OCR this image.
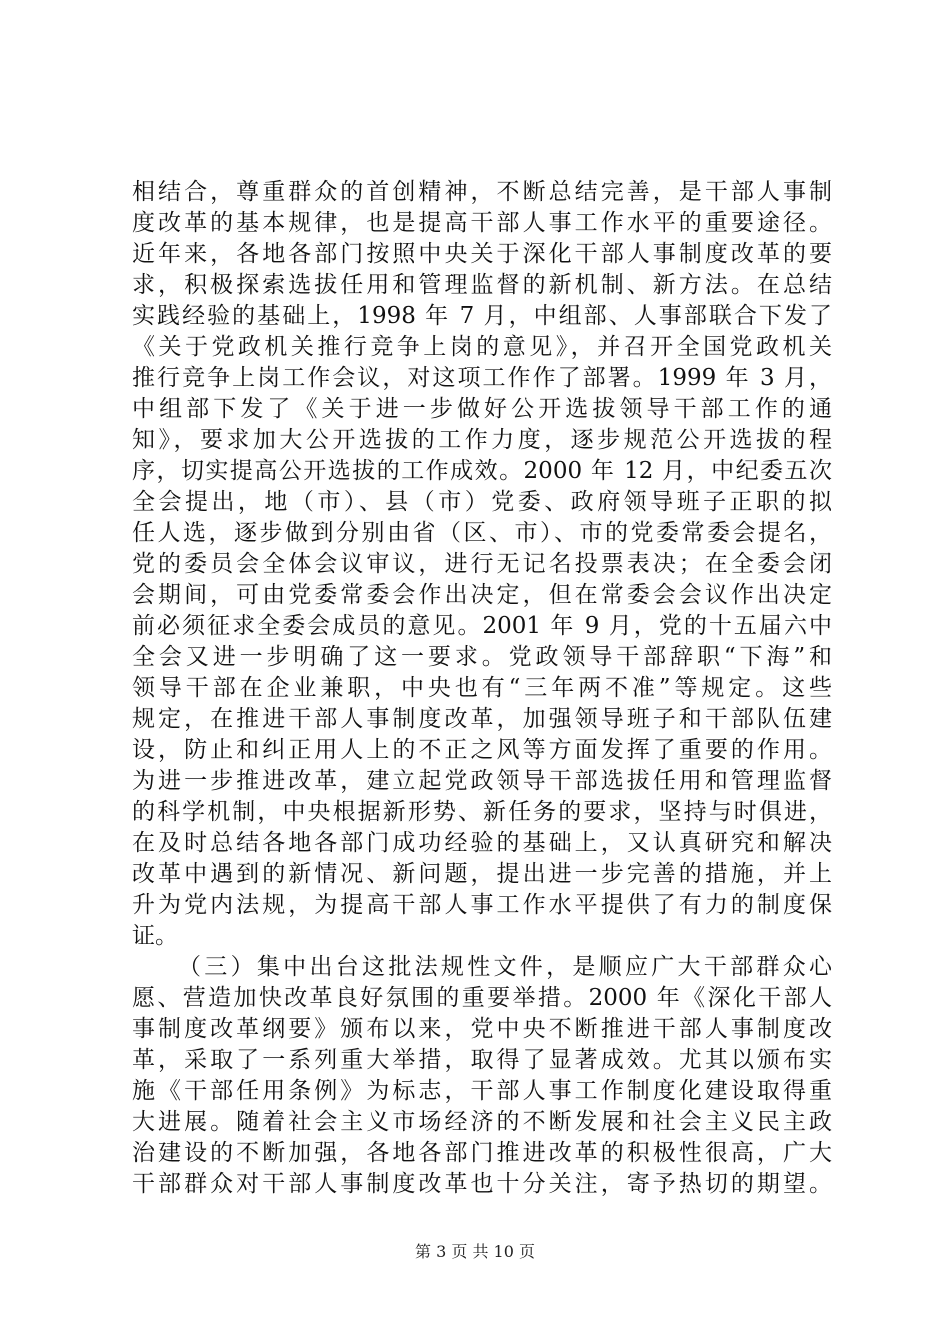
相结合，尊重群众的首创精神，不断总结完善，是干部人事制
度改革的基本规律，也是提高干部人事工作水平的重要途径。
近年来，各地各部门按照中央关于深化干部人事制度改革的要
求，积极探索选拔任用和管理监督的新机制、新方法。在总结
实践经验的基础上，1998 年 7 月，中组部、人事部联合下发了
《关于党政机关推行竞争上岗的意见》，并召开全国党政机关
推行竞争上岗工作会议，对这项工作作了部署。1999 年 3 月，
中组部下发了《关于进一步做好公开选拔领导干部工作的通
知》，要求加大公开选拔的工作力度，逐步规范公开选拔的程
序，切实提高公开选拔的工作成效。2000 年 12 月，中纪委五次
全会提出，地（市）、县（市）党委、政府领导班子正职的拟
任人选，逐步做到分别由省（区、市）、市的党委常委会提名，
党的委员会全体会议审议，进行无记名投票表决；在全委会闭
会期间，可由党委常委会作出决定，但在常委会会议作出决定
前必须征求全委会成员的意见。2001 年 9 月，党的十五届六中
全会又进一步明确了这一要求。党政领导干部辞职“下海”和
领导干部在企业兼职，中央也有“三年两不准”等规定。这些
规定，在推进干部人事制度改革，加强领导班子和干部队伍建
设，防止和纠正用人上的不正之风等方面发挥了重要的作用。
为进一步推进改革，建立起党政领导干部选拔任用和管理监督
的科学机制，中央根据新形势、新任务的要求，坚持与时俱进，
在及时总结各地各部门成功经验的基础上，又认真研究和解决
改革中遇到的新情况、新问题，提出进一步完善的措施，并上
升为党内法规，为提高干部人事工作水平提供了有力的制度保
证。
（三）集中出台这批法规性文件，是顺应广大干部群众心
愿、营造加快改革良好氛围的重要举措。2000 年《深化干部人
事制度改革纲要》颁布以来，党中央不断推进干部人事制度改
革，采取了一系列重大举措，取得了显著成效。尤其以颁布实
施《干部任用条例》为标志，干部人事工作制度化建设取得重
大进展。随着社会主义市场经济的不断发展和社会主义民主政
治建设的不断加强，各地各部门推进改革的积极性很高，广大
干部群众对干部人事制度改革也十分关注，寄予热切的期望。
第 3 页 共 10 页
